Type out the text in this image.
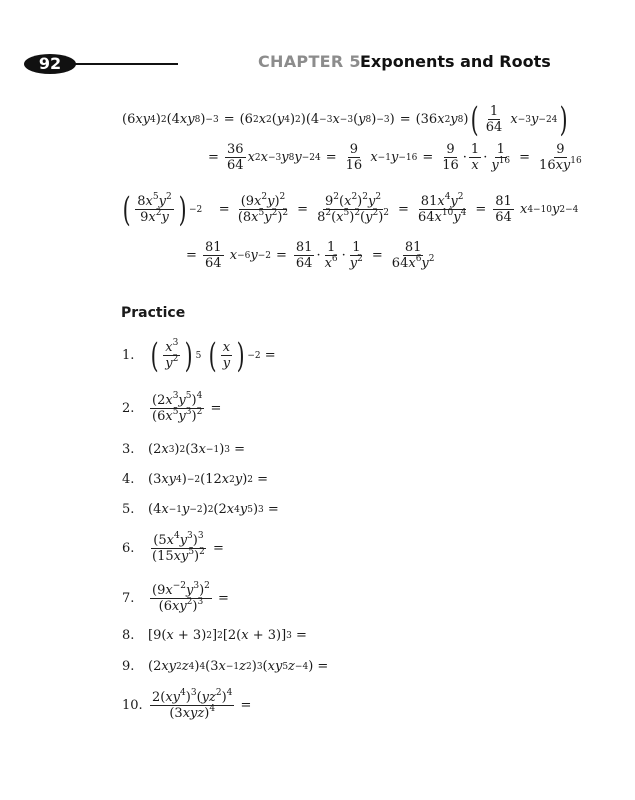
92	CHAPTER 5 Exponents and Roots
(6 xy 4 ) 2 (4 xy 8 ) −3 = (6 2 x 2 ( y 4 ) 2 )(4 −3 x −3 ( y 8 ) −3 ) = (36 x 2 y 8 ) ( 1
64

x −3 y −24 )
=
36
64
x 2 x −3 y 8 $y -24 = \frac{9}{16}$
x −1 $y -16 = \frac{9}{16}$ ·
1
x
· $\frac{1}{y^{16}} = \frac{9}{16xy^{16}}$
( $8x^5y^2$
$9x^2y$ ) $-2 = \frac{(9x^2y)^2}{(8x^5y^2)^2} = \frac{9^2(x^2)^2y^2}{8^2(x^5)^2(y^2)^2} = \frac{81x^4y^2}{64x^{10}y^4} = \frac{81}{64}$
x 4−10 y 2−4
=
81
64

x −6 $y -2 = \frac{81}{64}$ ·
1
$x^6 \cdot \frac{1}{y^2} = \frac{81}{64x^6y^2}$
Practice
1. ( $x^3$
$y^2$ ) 5
( x
y ) −2 =
2.
$(2x^3y^5)^4$
$(6x^5y^3)^2$ =
3.	(2 x 3 ) 2 (3 x −1 ) 3 =
4.	(3 xy 4 ) −2 (12 x 2 y ) 2 =
5.	(4 x −1 y −2 ) 2 (2 x 4 y 5 ) 3 =
6.
$(5x^4y^3)^3$
$(15xy^5)^2$ =
7.
$(9x^{-2}y^3)^2$
$(6xy^2)^3$ =
8.	[9( x + 3) 2 ] 2 [2( x + 3)] 3 =
9.	(2 xy 2 z 4 ) 4 (3 x −1 z 2 ) 3 ( xy 5 z −4 ) =
10.
$2(xy^4)^3(yz^2)^4$
$(3xyz)^4$ =
